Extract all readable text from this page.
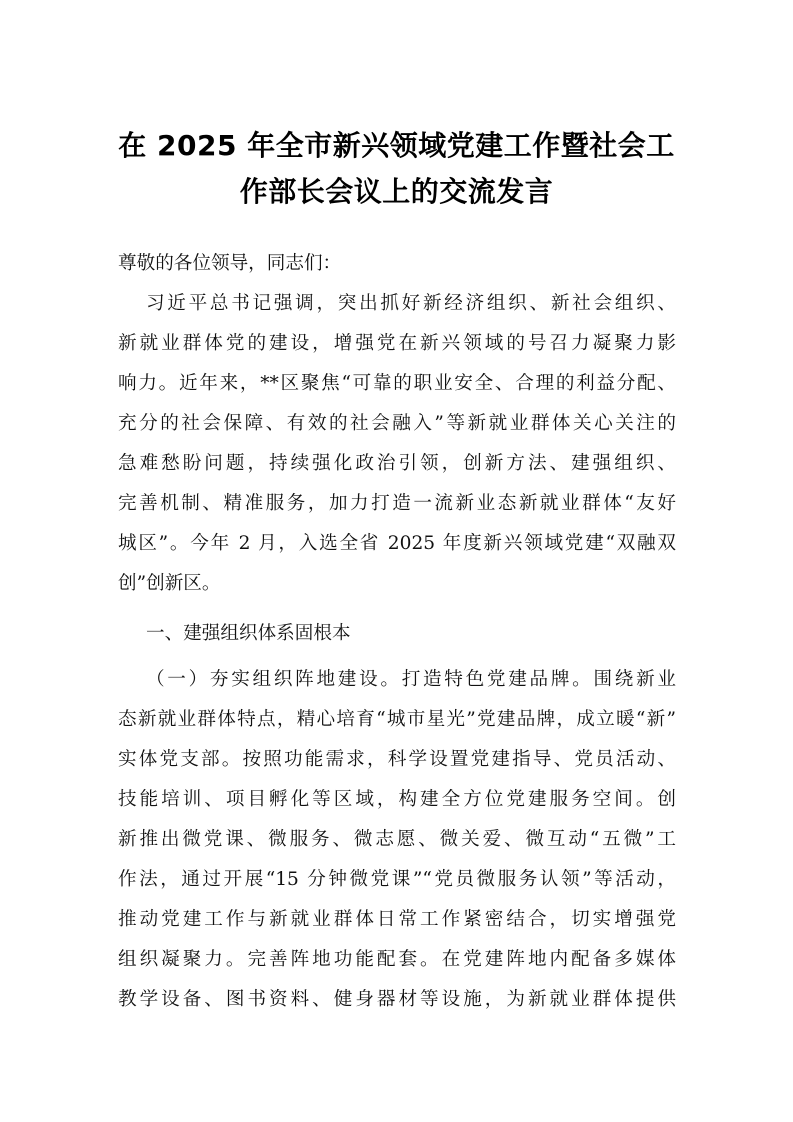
在 2025 年全市新兴领域党建工作暨社会工
作部长会议上的交流发言
尊敬的各位领导，同志们：
习近平总书记强调，突出抓好新经济组织、新社会组织、
新就业群体党的建设，增强党在新兴领域的号召力凝聚力影
响力。近年来，**区聚焦“可靠的职业安全、合理的利益分配、
充分的社会保障、有效的社会融入”等新就业群体关心关注的
急难愁盼问题，持续强化政治引领，创新方法、建强组织、
完善机制、精准服务，加力打造一流新业态新就业群体“友好
城区”。今年 2 月，入选全省 2025 年度新兴领域党建“双融双
创”创新区。
一、建强组织体系固根本
（一）夯实组织阵地建设。打造特色党建品牌。围绕新业
态新就业群体特点，精心培育“城市星光”党建品牌，成立暖“新”
实体党支部。按照功能需求，科学设置党建指导、党员活动、
技能培训、项目孵化等区域，构建全方位党建服务空间。创
新推出微党课、微服务、微志愿、微关爱、微互动“五微”工
作法，通过开展“15 分钟微党课”“党员微服务认领”等活动，
推动党建工作与新就业群体日常工作紧密结合，切实增强党
组织凝聚力。完善阵地功能配套。在党建阵地内配备多媒体
教学设备、图书资料、健身器材等设施，为新就业群体提供
